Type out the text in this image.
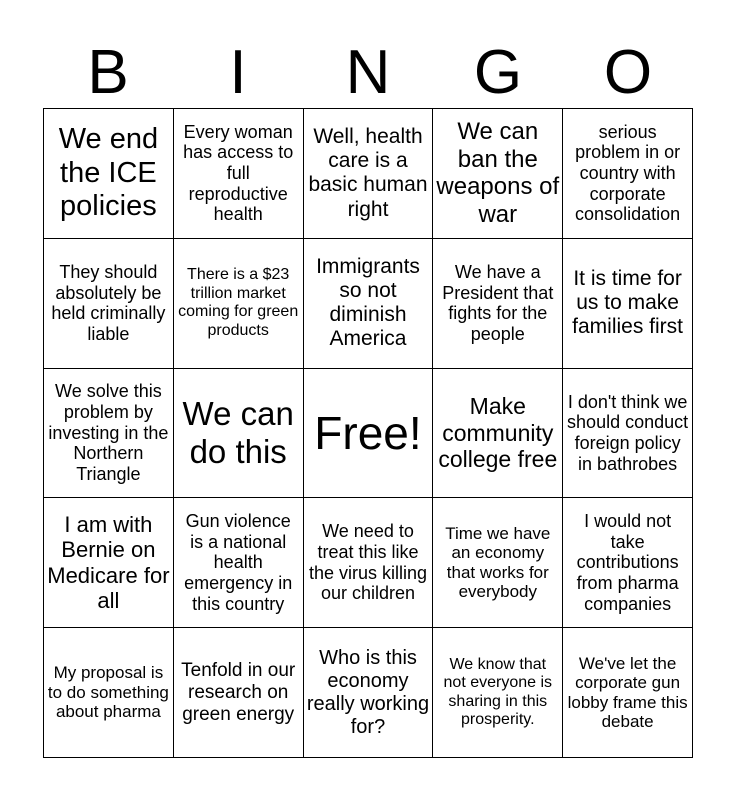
B	I	N	G	O
We end the ICE policies
Every woman has access to full reproductive health
Well, health care is a basic human right
We can ban the weapons of war
serious problem in or country with corporate consolidation
They should absolutely be held criminally liable
There is a $23 trillion market coming for green products
Immigrants so not diminish America
We have a President that fights for the people
It is time for us to make families first
We solve this problem by investing in the Northern Triangle
We can do this Free!
Make community college free
I don't think we should conduct foreign policy in bathrobes
I am with Bernie on Medicare for all
Gun violence is a national health emergency in this country
We need to treat this like the virus killing our children
Time we have an economy that works for everybody
I would not take contributions from pharma companies
My proposal is to do something about pharma
Tenfold in our research on green energy
Who is this economy really working for?
We know that not everyone is sharing in this prosperity.
We've let the corporate gun lobby frame this debate
